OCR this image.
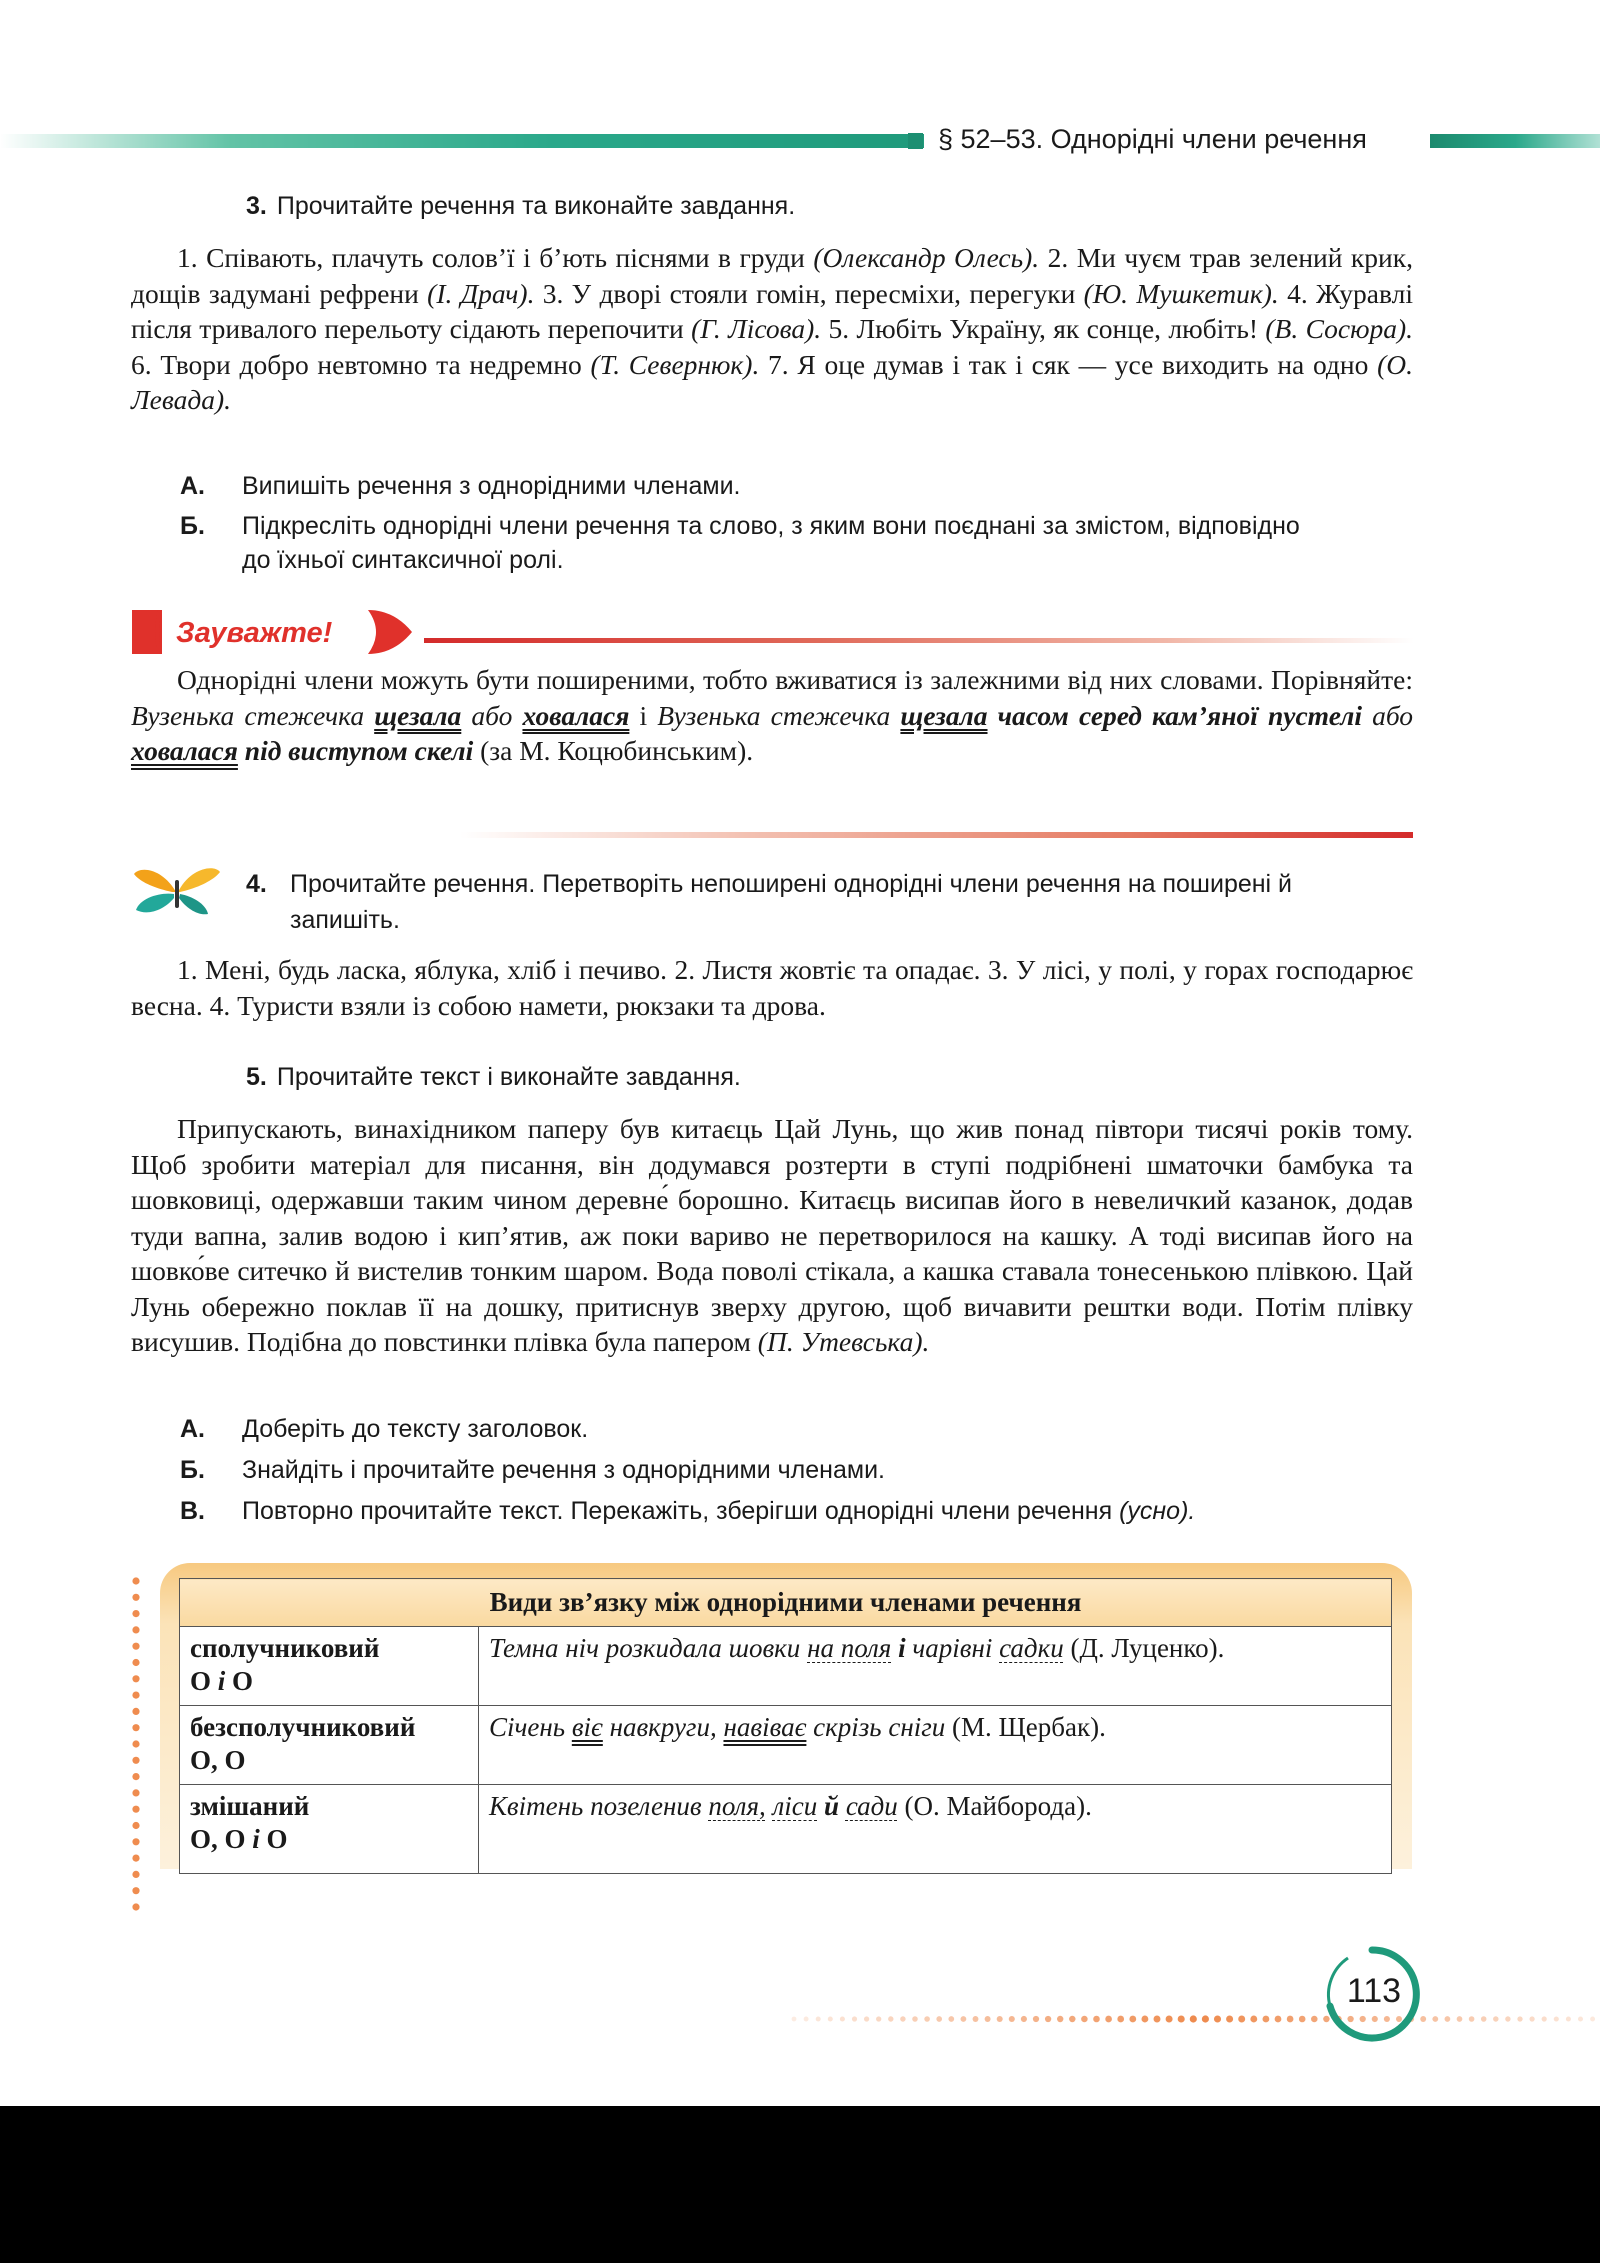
§ 52–53. Однорідні члени речення
3. Прочитайте речення та виконайте завдання.

1. Співають, плачуть солов’ї і б’ють піснями в груди (Олександр Олесь). 2. Ми чуєм трав зелений крик, дощів задумані рефрени (І. Драч). 3. У дворі стояли гомін, пересміхи, перегуки (Ю. Мушкетик). 4. Журавлі після тривалого перельоту сідають перепочити (Г. Лісова). 5. Любіть Україну, як сонце, любіть! (В. Сосюра). 6. Твори добро невтомно та недремно (Т. Севернюк). 7. Я оце думав і так і сяк — усе виходить на одно (О. Левада).

А. Випишіть речення з однорідними членами.
Б. Підкресліть однорідні члени речення та слово, з яким вони поєднані за змістом, відповідно до їхньої синтаксичної ролі.
Зауважте!

Однорідні члени можуть бути поширеними, тобто вживатися із залежними від них словами. Порівняйте: Вузенька стежечка щезала або ховалася і Вузенька стежечка щезала часом серед кам’яної пустелі або ховалася під виступом скелі (за М. Коцюбинським).

4. Прочитайте речення. Перетворіть непоширені однорідні члени речення на поширені й запишіть.

1. Мені, будь ласка, яблука, хліб і печиво. 2. Листя жовтіє та опадає. 3. У лісі, у полі, у горах господарює весна. 4. Туристи взяли із собою намети, рюкзаки та дрова.

5. Прочитайте текст і виконайте завдання.

Припускають, винахідником паперу був китаєць Цай Лунь, що жив понад півтори тисячі років тому. Щоб зробити матеріал для писання, він додумався розтерти в ступі подрібнені шматочки бамбука та шовковиці, одержавши таким чином деревне́ борошно. Китаєць висипав його в невеличкий казанок, додав туди вапна, залив водою і кип’ятив, аж поки вариво не перетворилося на кашку. А тоді висипав його на шовко́ве ситечко й вистелив тонким шаром. Вода поволі стікала, а кашка ставала тонесенькою плівкою. Цай Лунь обережно поклав її на дошку, притиснув зверху другою, щоб вичавити рештки води. Потім плівку висушив. Подібна до повстинки плівка була папером (П. Утевська).

А. Доберіть до тексту заголовок.
Б. Знайдіть і прочитайте речення з однорідними членами.
В. Повторно прочитайте текст. Перекажіть, зберігши однорідні члени речення (усно).
Види зв’язку між однорідними членами речення	
сполучниковий
О і О	Темна ніч розкидала шовки на поля і чарівні садки (Д. Луценко).
безсполучниковий
О, О	Січень віє навкруги, навіває скрізь сніги (М. Щербак).
змішаний
О, О і О	Квітень позеленив поля, ліси й сади (О. Майборода).
113
